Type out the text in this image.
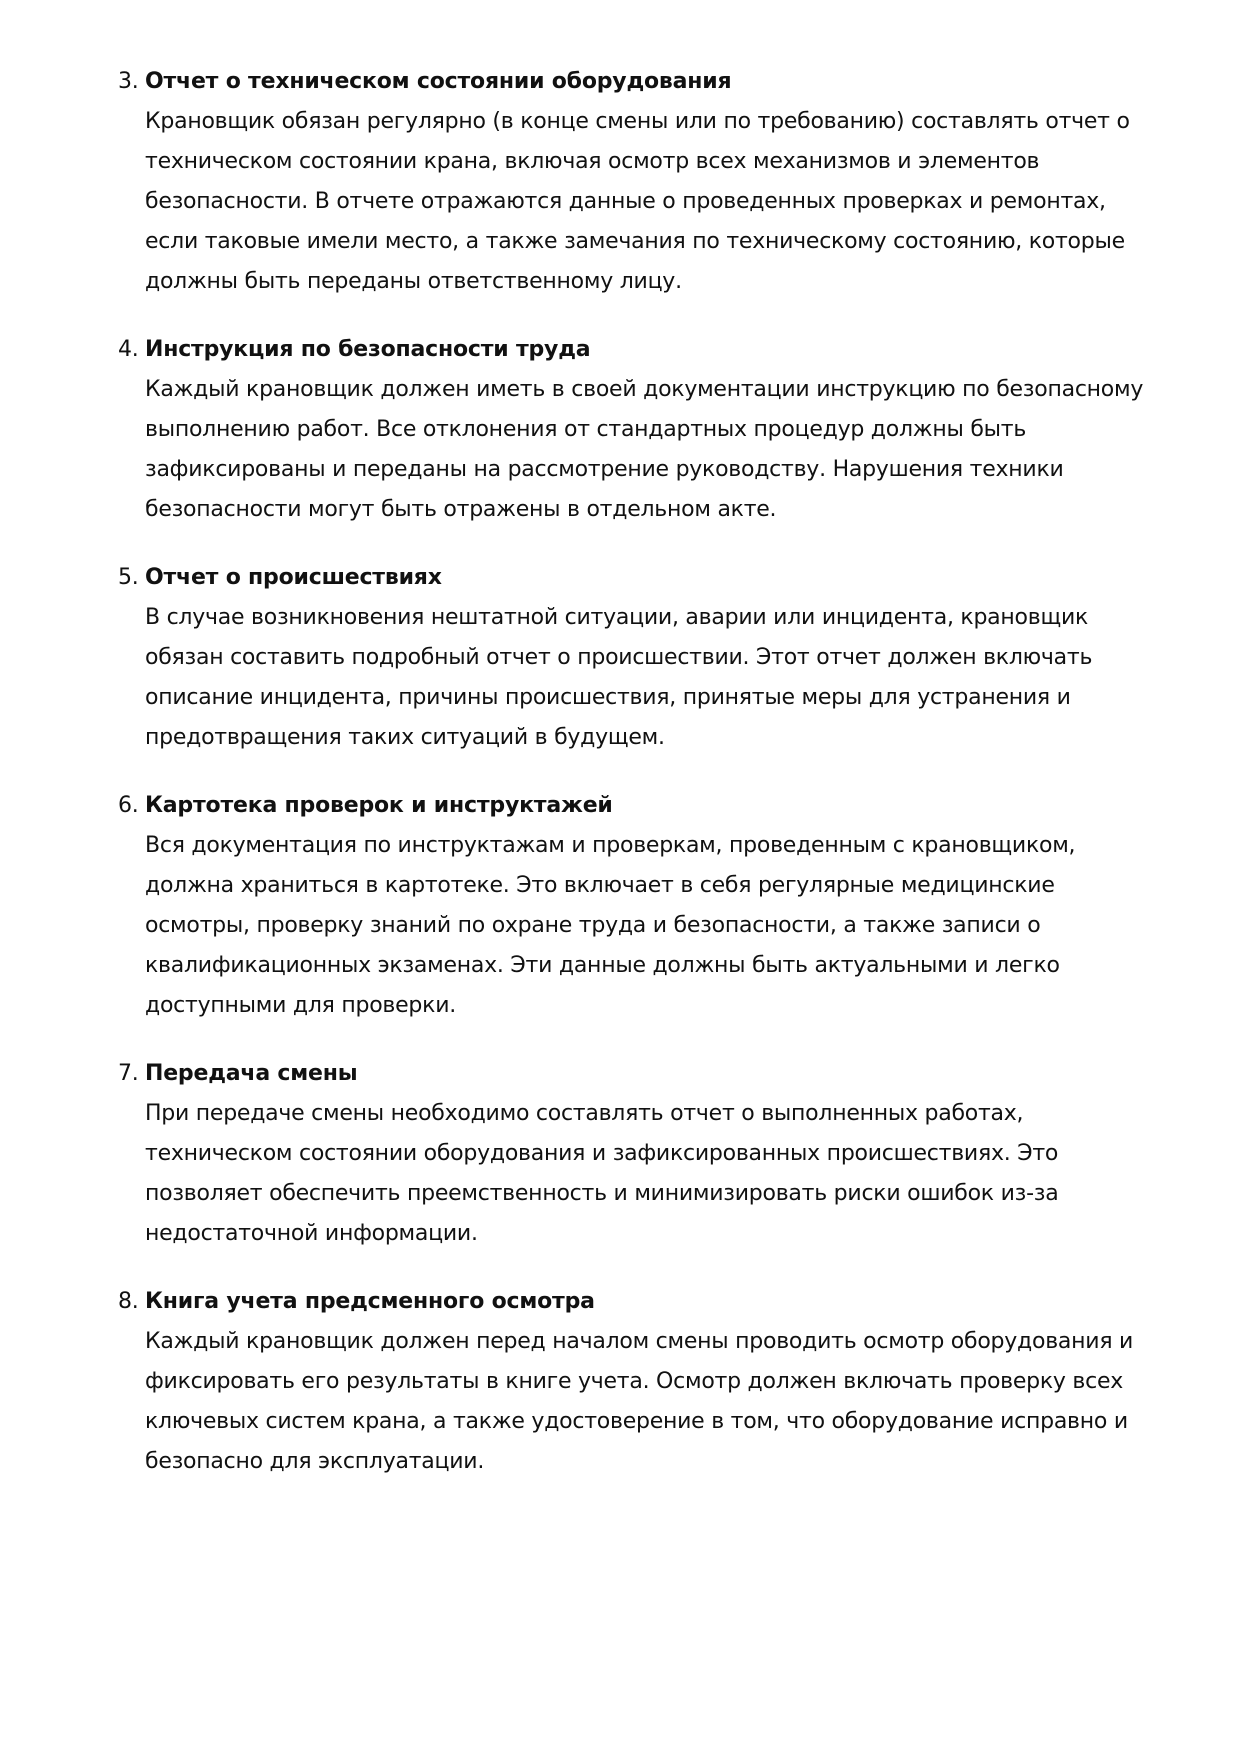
3. Отчет о техническом состоянии оборудования
Крановщик обязан регулярно (в конце смены или по требованию) составлять отчет о
техническом состоянии крана, включая осмотр всех механизмов и элементов
безопасности. В отчете отражаются данные о проведенных проверках и ремонтах,
если таковые имели место, а также замечания по техническому состоянию, которые
должны быть переданы ответственному лицу.
4. Инструкция по безопасности труда
Каждый крановщик должен иметь в своей документации инструкцию по безопасному
выполнению работ. Все отклонения от стандартных процедур должны быть
зафиксированы и переданы на рассмотрение руководству. Нарушения техники
безопасности могут быть отражены в отдельном акте.
5. Отчет о происшествиях
В случае возникновения нештатной ситуации, аварии или инцидента, крановщик
обязан составить подробный отчет о происшествии. Этот отчет должен включать
описание инцидента, причины происшествия, принятые меры для устранения и
предотвращения таких ситуаций в будущем.
6. Картотека проверок и инструктажей
Вся документация по инструктажам и проверкам, проведенным с крановщиком,
должна храниться в картотеке. Это включает в себя регулярные медицинские
осмотры, проверку знаний по охране труда и безопасности, а также записи о
квалификационных экзаменах. Эти данные должны быть актуальными и легко
доступными для проверки.
7. Передача смены
При передаче смены необходимо составлять отчет о выполненных работах,
техническом состоянии оборудования и зафиксированных происшествиях. Это
позволяет обеспечить преемственность и минимизировать риски ошибок из-за
недостаточной информации.
8. Книга учета предсменного осмотра
Каждый крановщик должен перед началом смены проводить осмотр оборудования и
фиксировать его результаты в книге учета. Осмотр должен включать проверку всех
ключевых систем крана, а также удостоверение в том, что оборудование исправно и
безопасно для эксплуатации.
